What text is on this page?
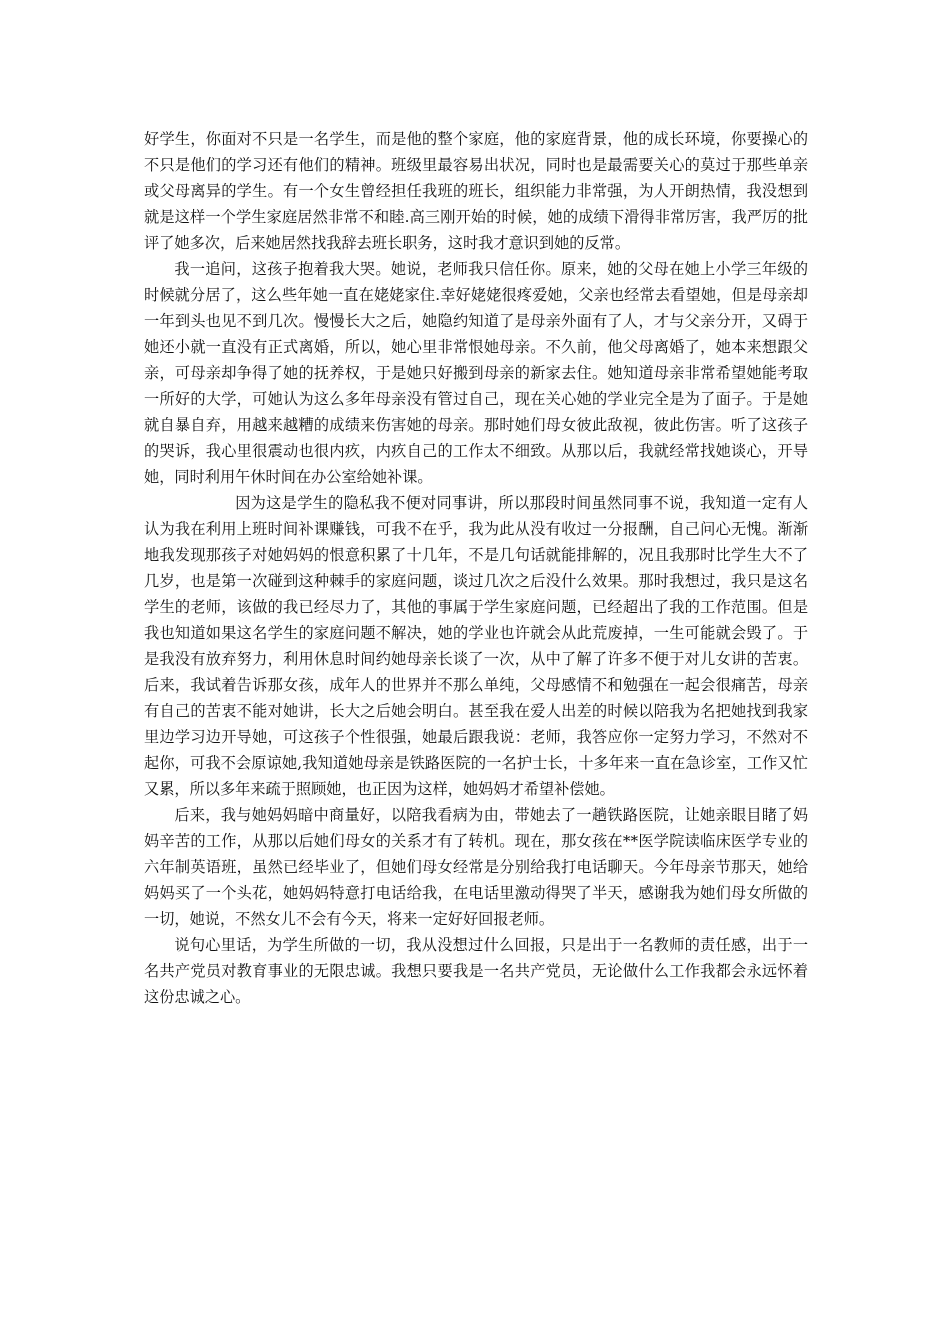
好学生，你面对不只是一名学生，而是他的整个家庭，他的家庭背景，他的成长环境，你要操心的不只是他们的学习还有他们的精神。班级里最容易出状况，同时也是最需要关心的莫过于那些单亲或父母离异的学生。有一个女生曾经担任我班的班长，组织能力非常强，为人开朗热情，我没想到就是这样一个学生家庭居然非常不和睦.高三刚开始的时候，她的成绩下滑得非常厉害，我严厉的批评了她多次，后来她居然找我辞去班长职务，这时我才意识到她的反常。

我一追问，这孩子抱着我大哭。她说，老师我只信任你。原来，她的父母在她上小学三年级的时候就分居了，这么些年她一直在姥姥家住.幸好姥姥很疼爱她，父亲也经常去看望她，但是母亲却一年到头也见不到几次。慢慢长大之后，她隐约知道了是母亲外面有了人，才与父亲分开，又碍于她还小就一直没有正式离婚，所以，她心里非常恨她母亲。不久前，他父母离婚了，她本来想跟父亲，可母亲却争得了她的抚养权，于是她只好搬到母亲的新家去住。她知道母亲非常希望她能考取一所好的大学，可她认为这么多年母亲没有管过自己，现在关心她的学业完全是为了面子。于是她就自暴自弃，用越来越糟的成绩来伤害她的母亲。那时她们母女彼此敌视，彼此伤害。听了这孩子的哭诉，我心里很震动也很内疚，内疚自己的工作太不细致。从那以后，我就经常找她谈心，开导她，同时利用午休时间在办公室给她补课。

因为这是学生的隐私我不便对同事讲，所以那段时间虽然同事不说，我知道一定有人认为我在利用上班时间补课赚钱，可我不在乎，我为此从没有收过一分报酬，自己问心无愧。渐渐地我发现那孩子对她妈妈的恨意积累了十几年，不是几句话就能排解的，况且我那时比学生大不了几岁，也是第一次碰到这种棘手的家庭问题，谈过几次之后没什么效果。那时我想过，我只是这名学生的老师，该做的我已经尽力了，其他的事属于学生家庭问题，已经超出了我的工作范围。但是我也知道如果这名学生的家庭问题不解决，她的学业也许就会从此荒废掉，一生可能就会毁了。于是我没有放弃努力，利用休息时间约她母亲长谈了一次，从中了解了许多不便于对儿女讲的苦衷。后来，我试着告诉那女孩，成年人的世界并不那么单纯，父母感情不和勉强在一起会很痛苦，母亲有自己的苦衷不能对她讲，长大之后她会明白。甚至我在爱人出差的时候以陪我为名把她找到我家里边学习边开导她，可这孩子个性很强，她最后跟我说：老师，我答应你一定努力学习，不然对不起你，可我不会原谅她,我知道她母亲是铁路医院的一名护士长，十多年来一直在急诊室，工作又忙又累，所以多年来疏于照顾她，也正因为这样，她妈妈才希望补偿她。

后来，我与她妈妈暗中商量好，以陪我看病为由，带她去了一趟铁路医院，让她亲眼目睹了妈妈辛苦的工作，从那以后她们母女的关系才有了转机。现在，那女孩在**医学院读临床医学专业的六年制英语班，虽然已经毕业了，但她们母女经常是分别给我打电话聊天。今年母亲节那天，她给妈妈买了一个头花，她妈妈特意打电话给我，在电话里激动得哭了半天，感谢我为她们母女所做的一切，她说，不然女儿不会有今天，将来一定好好回报老师。

说句心里话，为学生所做的一切，我从没想过什么回报，只是出于一名教师的责任感，出于一名共产党员对教育事业的无限忠诚。我想只要我是一名共产党员，无论做什么工作我都会永远怀着这份忠诚之心。
